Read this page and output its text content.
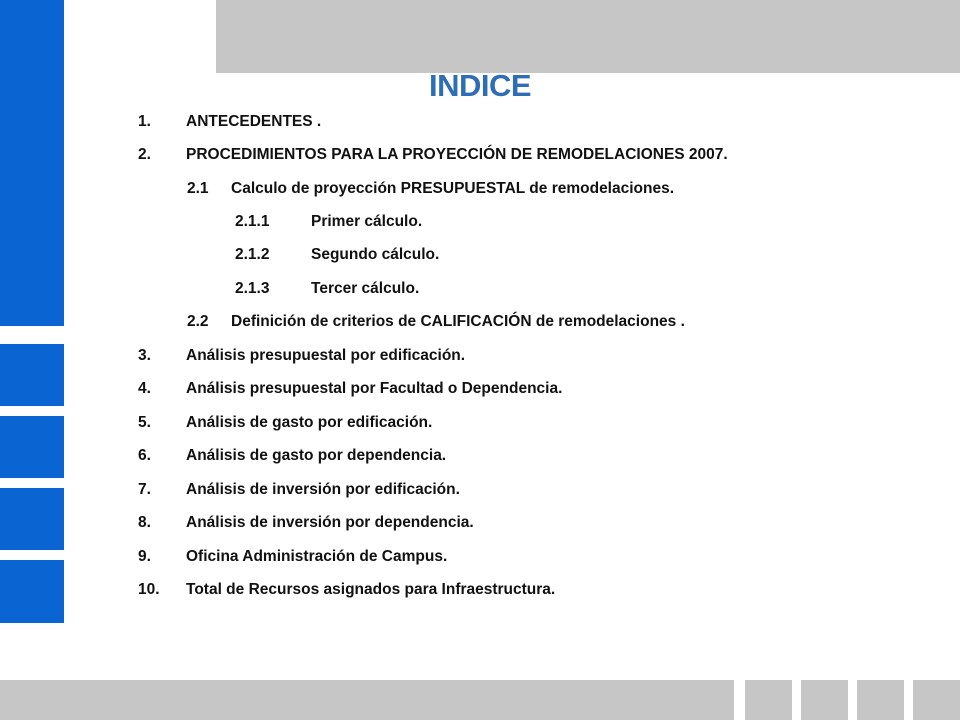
INDICE
1. ANTECEDENTES .
2. PROCEDIMIENTOS PARA LA PROYECCIÓN DE REMODELACIONES 2007.
2.1 Calculo de proyección PRESUPUESTAL de remodelaciones.
2.1.1	Primer cálculo.
2.1.2	Segundo cálculo.
2.1.3	Tercer cálculo.
2.2 Definición de criterios de CALIFICACIÓN de remodelaciones .
3. Análisis presupuestal por edificación.
4. Análisis presupuestal por Facultad o Dependencia.
5. Análisis de gasto por edificación.
6. Análisis de gasto por dependencia.
7. Análisis de inversión por edificación.
8. Análisis de inversión por dependencia.
9. Oficina Administración de Campus.
10. Total de Recursos asignados para Infraestructura.
